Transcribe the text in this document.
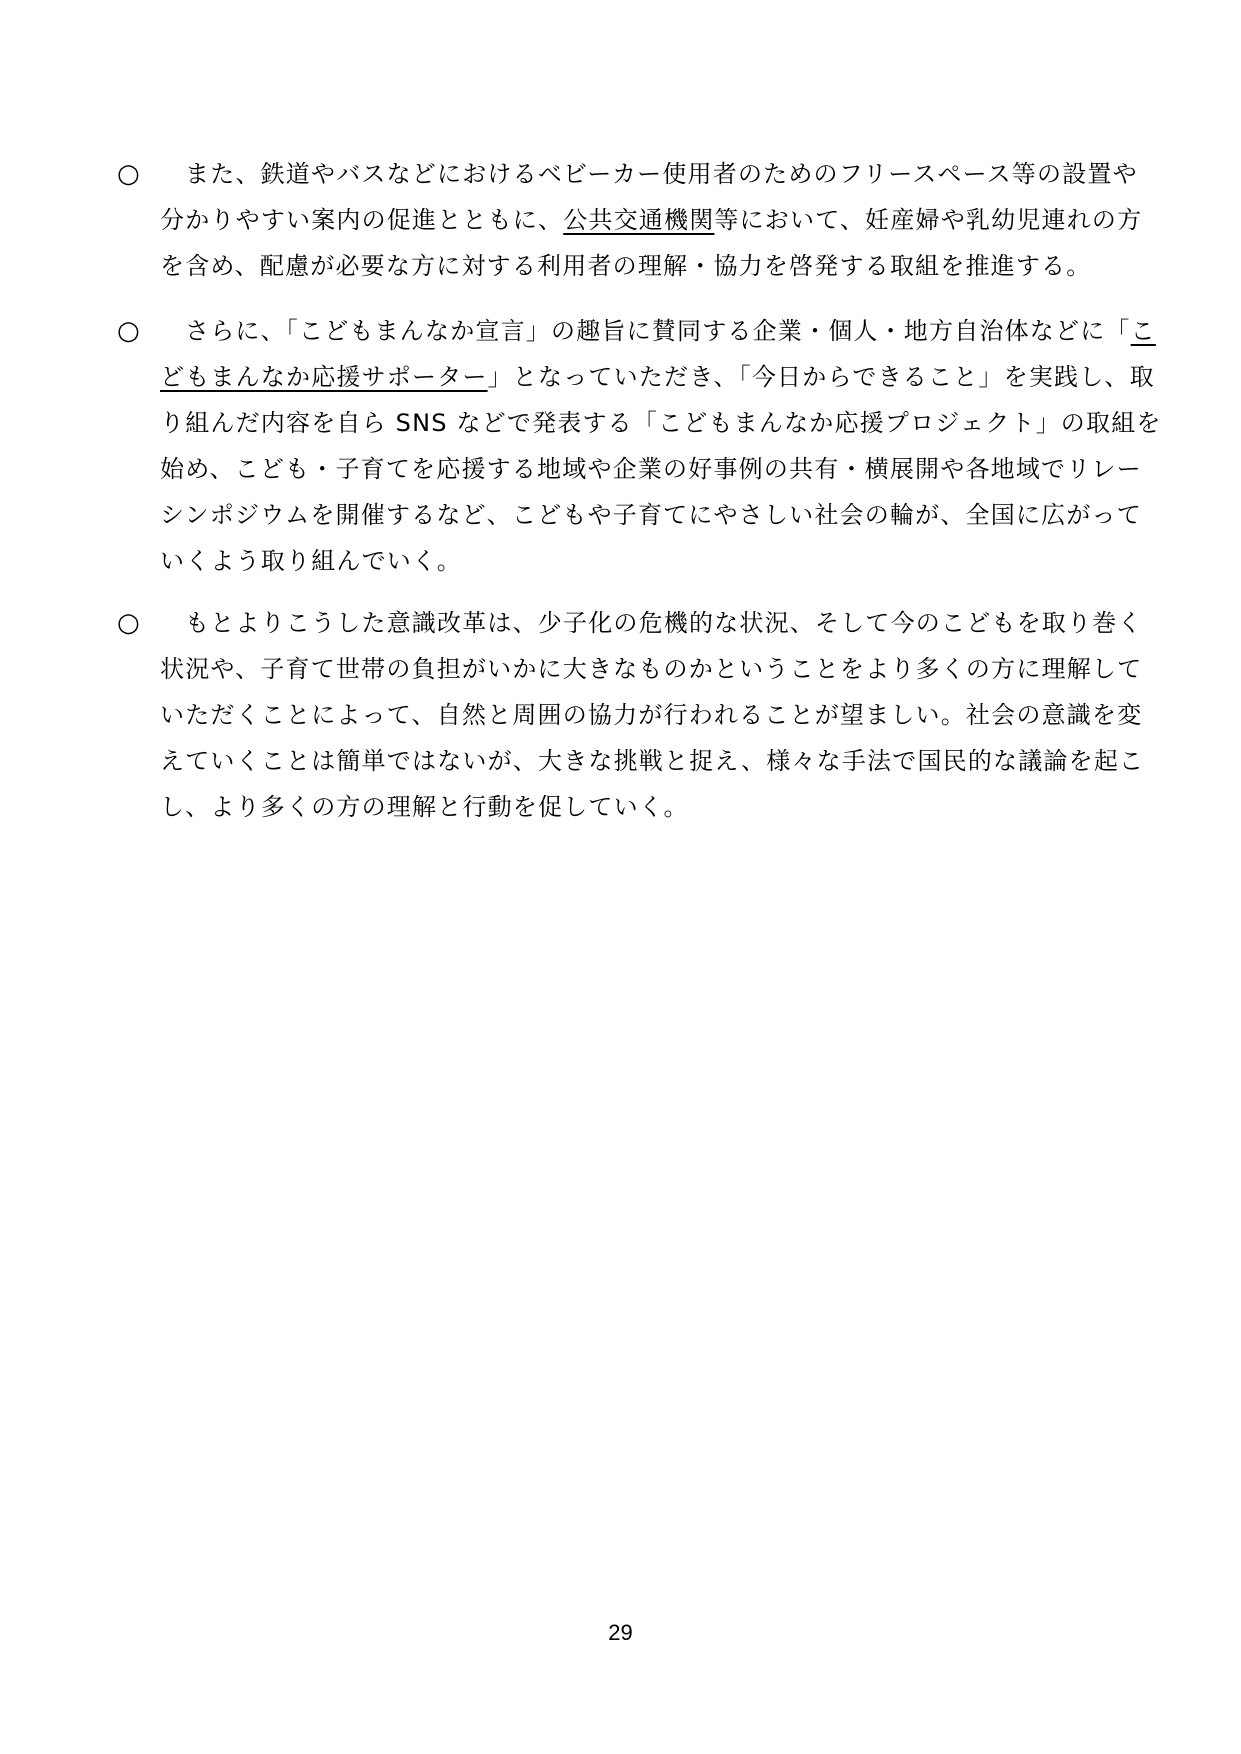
○	また、鉄道やバスなどにおけるベビーカー使用者のためのフリースペース等の設置や
分かりやすい案内の促進とともに、公共交通機関等において、妊産婦や乳幼児連れの方
を含め、配慮が必要な方に対する利用者の理解・協力を啓発する取組を推進する。
○	さらに、「こどもまんなか宣言」の趣旨に賛同する企業・個人・地方自治体などに「こ
どもまんなか応援サポーター」となっていただき、「今日からできること」を実践し、取
り組んだ内容を自ら SNS などで発表する「こどもまんなか応援プロジェクト」の取組を
始め、こども・子育てを応援する地域や企業の好事例の共有・横展開や各地域でリレー
シンポジウムを開催するなど、こどもや子育てにやさしい社会の輪が、全国に広がって
いくよう取り組んでいく。
○	もとよりこうした意識改革は、少子化の危機的な状況、そして今のこどもを取り巻く
状況や、子育て世帯の負担がいかに大きなものかということをより多くの方に理解して
いただくことによって、自然と周囲の協力が行われることが望ましい。社会の意識を変
えていくことは簡単ではないが、大きな挑戦と捉え、様々な手法で国民的な議論を起こ
し、より多くの方の理解と行動を促していく。
29
